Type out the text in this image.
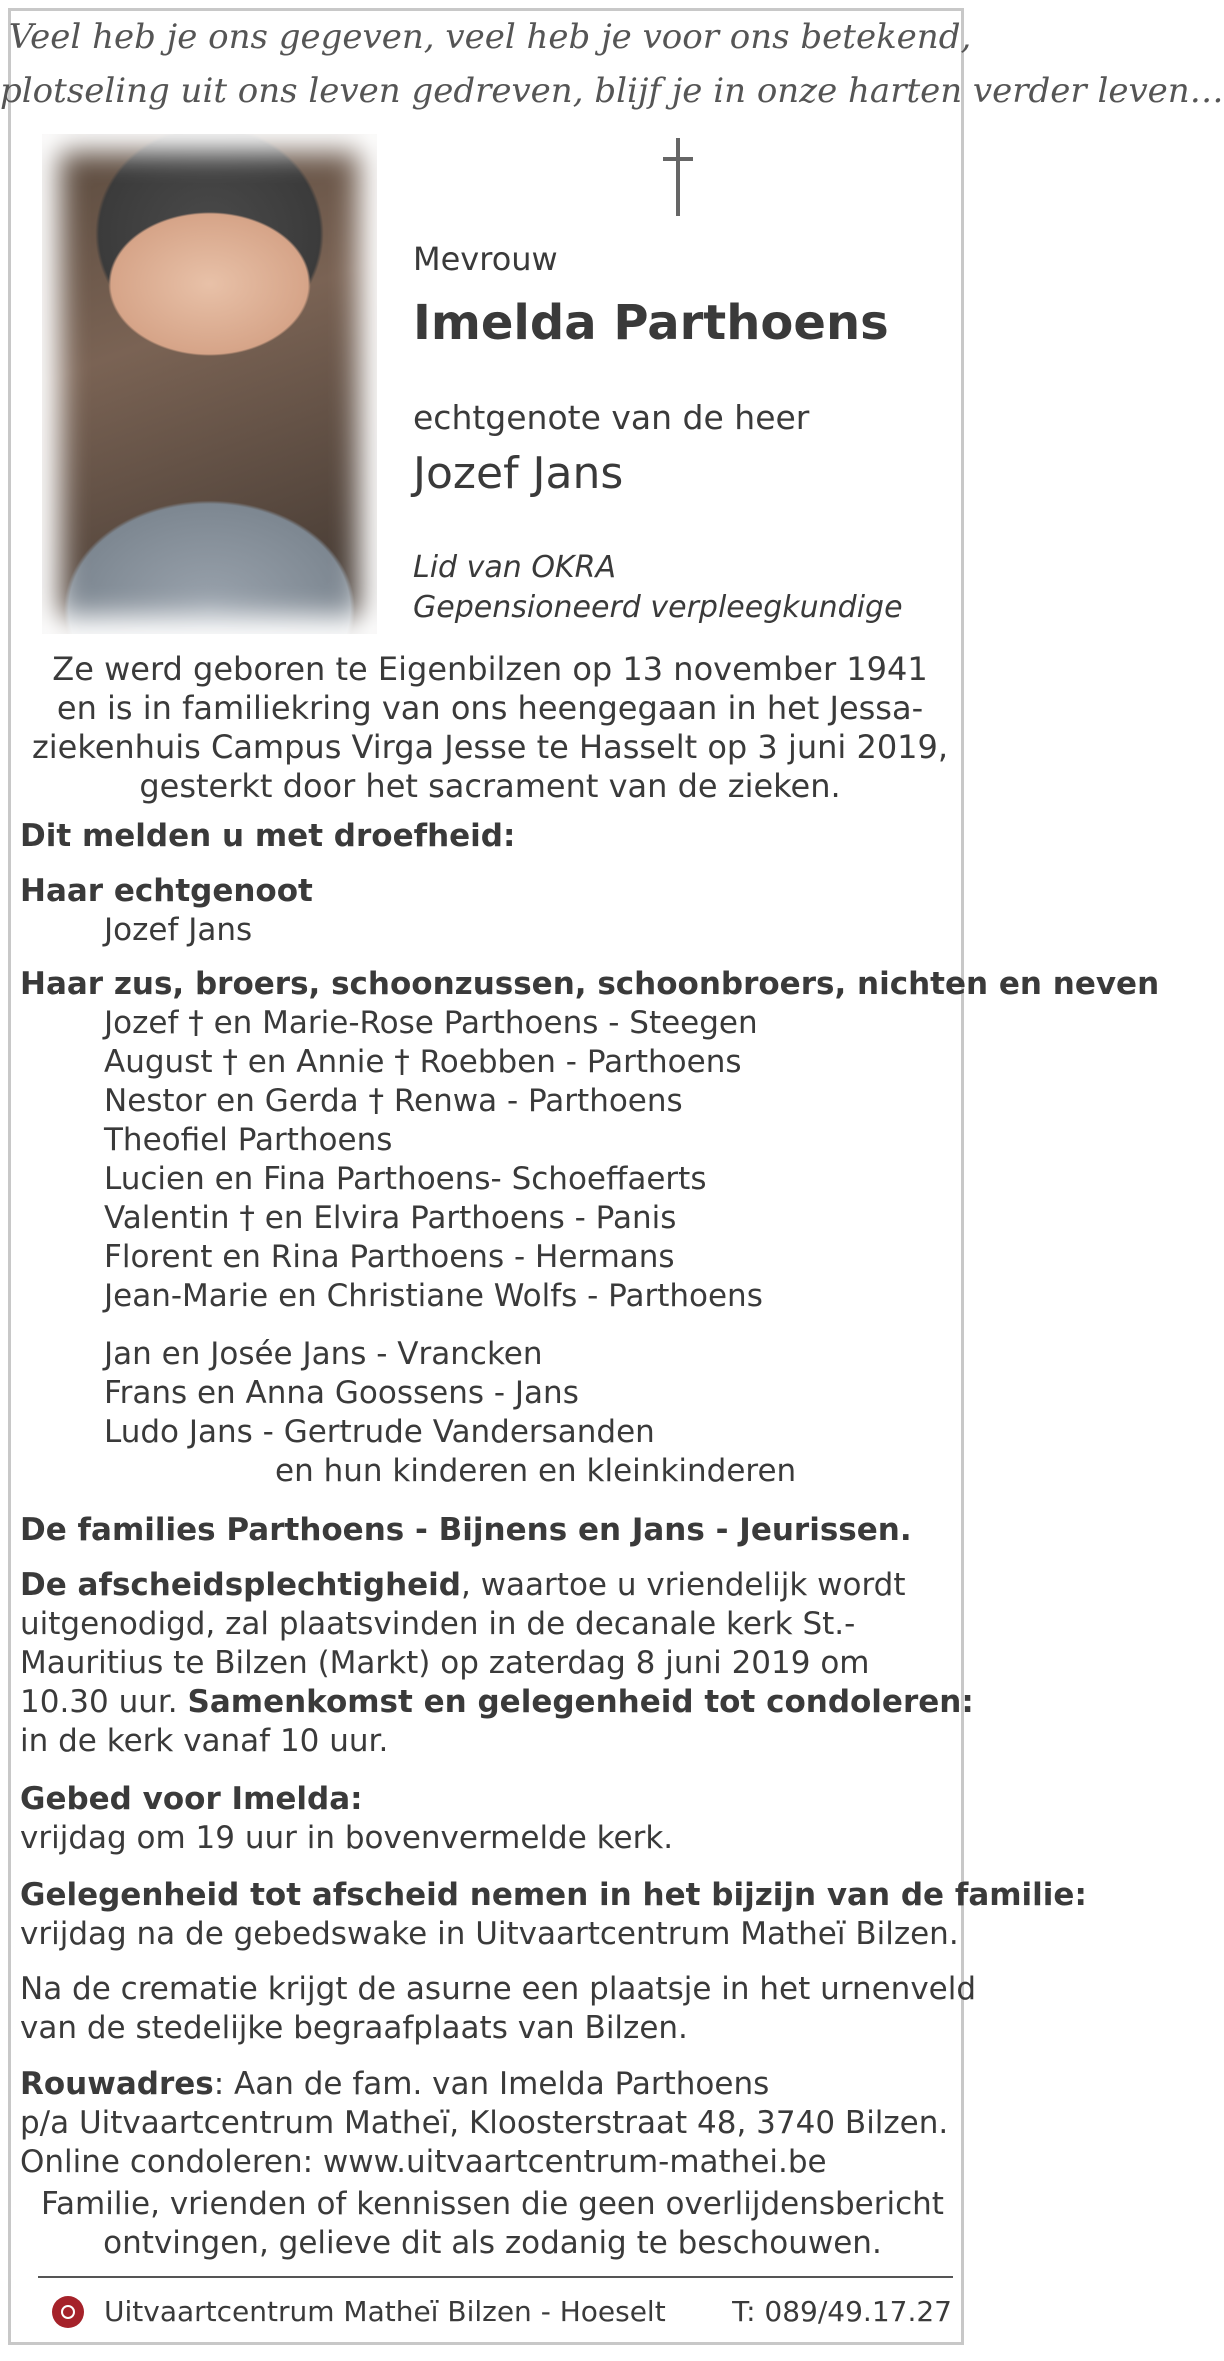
Veel heb je ons gegeven, veel heb je voor ons betekend,
plotseling uit ons leven gedreven, blijf je in onze harten verder leven…
Mevrouw
Imelda Parthoens
echtgenote van de heer
Jozef Jans
Lid van OKRA
Gepensioneerd verpleegkundige
Ze werd geboren te Eigenbilzen op 13 november 1941
en is in familiekring van ons heengegaan in het Jessa-
ziekenhuis Campus Virga Jesse te Hasselt op 3 juni 2019,
gesterkt door het sacrament van de zieken.
Dit melden u met droefheid:
Haar echtgenoot
Jozef Jans
Haar zus, broers, schoonzussen, schoonbroers, nichten en neven
Jozef † en Marie-Rose Parthoens - Steegen
August † en Annie † Roebben - Parthoens
Nestor en Gerda † Renwa - Parthoens
Theofiel Parthoens
Lucien en Fina Parthoens- Schoeffaerts
Valentin † en Elvira Parthoens - Panis
Florent en Rina Parthoens - Hermans
Jean-Marie en Christiane Wolfs - Parthoens
Jan en Josée Jans - Vrancken
Frans en Anna Goossens - Jans
Ludo Jans - Gertrude Vandersanden
en hun kinderen en kleinkinderen
De families Parthoens - Bijnens en Jans - Jeurissen.
De afscheidsplechtigheid, waartoe u vriendelijk wordt
uitgenodigd, zal plaatsvinden in de decanale kerk St.-
Mauritius te Bilzen (Markt) op zaterdag 8 juni 2019 om
10.30 uur. Samenkomst en gelegenheid tot condoleren:
in de kerk vanaf 10 uur.
Gebed voor Imelda:
vrijdag om 19 uur in bovenvermelde kerk.
Gelegenheid tot afscheid nemen in het bijzijn van de familie:
vrijdag na de gebedswake in Uitvaartcentrum Matheï Bilzen.
Na de crematie krijgt de asurne een plaatsje in het urnenveld
van de stedelijke begraafplaats van Bilzen.
Rouwadres: Aan de fam. van Imelda Parthoens
p/a Uitvaartcentrum Matheï, Kloosterstraat 48, 3740 Bilzen.
Online condoleren: www.uitvaartcentrum-mathei.be
Familie, vrienden of kennissen die geen overlijdensbericht
ontvingen, gelieve dit als zodanig te beschouwen.
Uitvaartcentrum Matheï Bilzen - Hoeselt T: 089/49.17.27
